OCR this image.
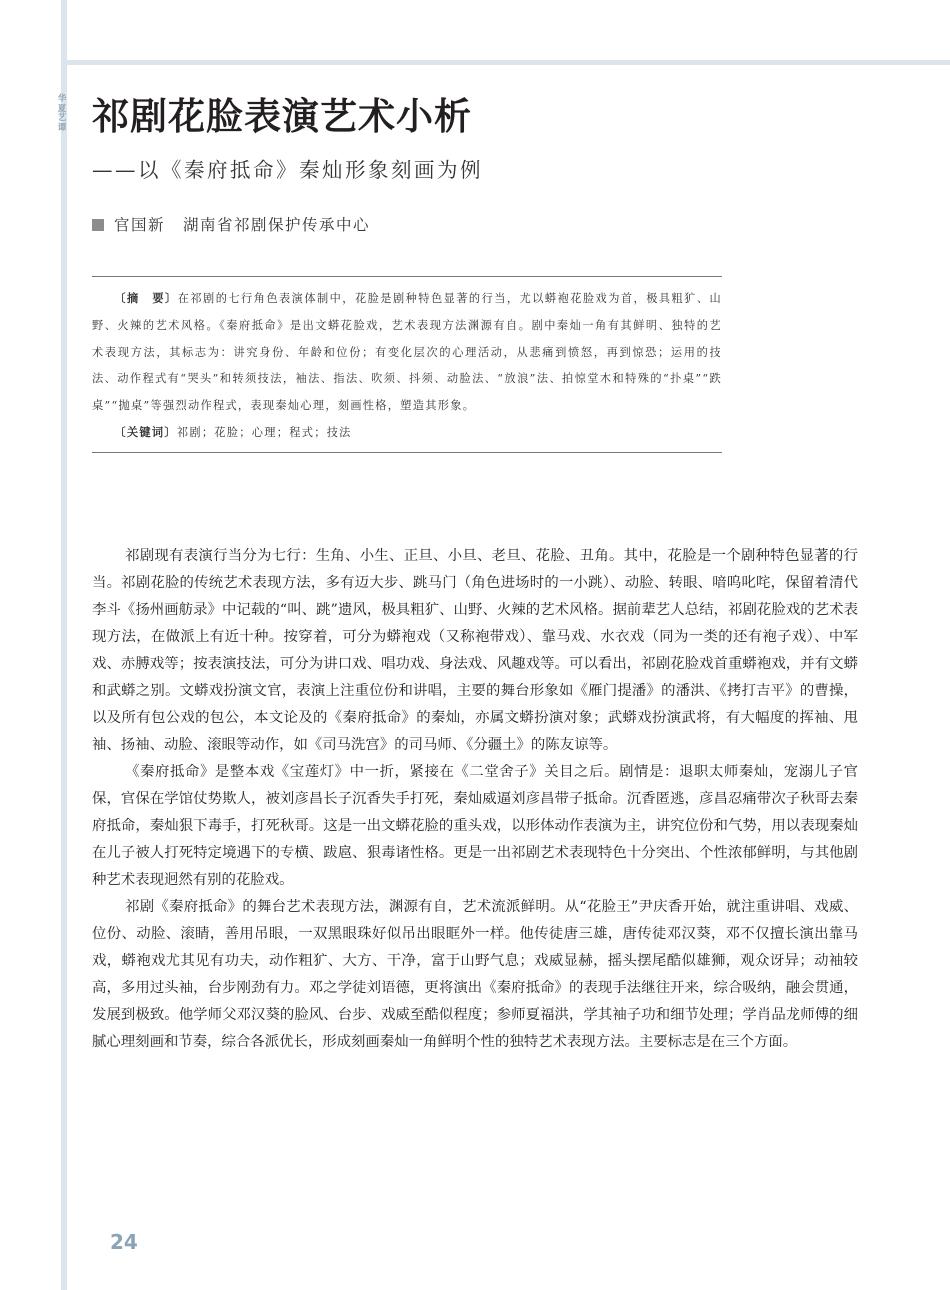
华夏艺谭 祁剧花脸表演艺术小析
——以《秦府抵命》秦灿形象刻画为例
官国新 湖南省祁剧保护传承中心

〔摘　要〕在祁剧的七行角色表演体制中，花脸是剧种特色显著的行当，尤以蟒袍花脸戏为首，极具粗犷、山野、火辣的艺术风格。《秦府抵命》是出文蟒花脸戏，艺术表现方法渊源有自。剧中秦灿一角有其鲜明、独特的艺术表现方法，其标志为：讲究身份、年龄和位份；有变化层次的心理活动，从悲痛到愤怒，再到惊恐；运用的技法、动作程式有“哭头”和转须技法，袖法、指法、吹须、抖须、动脸法、“放浪”法、拍惊堂木和特殊的“扑桌”“跌桌”“抛桌”等强烈动作程式，表现秦灿心理，刻画性格，塑造其形象。

〔关键词〕祁剧；花脸；心理；程式；技法

祁剧现有表演行当分为七行：生角、小生、正旦、小旦、老旦、花脸、丑角。其中，花脸是一个剧种特色显著的行当。祁剧花脸的传统艺术表现方法，多有迈大步、跳马门（角色进场时的一小跳）、动脸、转眼、喑呜叱咤，保留着清代李斗《扬州画舫录》中记载的“叫、跳”遗风，极具粗犷、山野、火辣的艺术风格。据前辈艺人总结，祁剧花脸戏的艺术表现方法，在做派上有近十种。按穿着，可分为蟒袍戏（又称袍带戏）、靠马戏、水衣戏（同为一类的还有袍子戏）、中军戏、赤膊戏等；按表演技法，可分为讲口戏、唱功戏、身法戏、风趣戏等。可以看出，祁剧花脸戏首重蟒袍戏，并有文蟒和武蟒之别。文蟒戏扮演文官，表演上注重位份和讲唱，主要的舞台形象如《雁门提潘》的潘洪、《拷打吉平》的曹操，以及所有包公戏的包公，本文论及的《秦府抵命》的秦灿，亦属文蟒扮演对象；武蟒戏扮演武将，有大幅度的挥袖、甩袖、扬袖、动脸、滚眼等动作，如《司马洗宫》的司马师、《分疆土》的陈友谅等。

《秦府抵命》是整本戏《宝莲灯》中一折，紧接在《二堂舍子》关目之后。剧情是：退职太师秦灿，宠溺儿子官保，官保在学馆仗势欺人，被刘彦昌长子沉香失手打死，秦灿威逼刘彦昌带子抵命。沉香匿逃，彦昌忍痛带次子秋哥去秦府抵命，秦灿狠下毒手，打死秋哥。这是一出文蟒花脸的重头戏，以形体动作表演为主，讲究位份和气势，用以表现秦灿在儿子被人打死特定境遇下的专横、跋扈、狠毒诸性格。更是一出祁剧艺术表现特色十分突出、个性浓郁鲜明，与其他剧种艺术表现迥然有别的花脸戏。

祁剧《秦府抵命》的舞台艺术表现方法，渊源有自，艺术流派鲜明。从“花脸王”尹庆香开始，就注重讲唱、戏威、位份、动脸、滚睛，善用吊眼，一双黑眼珠好似吊出眼眶外一样。他传徒唐三雄，唐传徒邓汉葵，邓不仅擅长演出靠马戏，蟒袍戏尤其见有功夫，动作粗犷、大方、干净，富于山野气息；戏威显赫，摇头摆尾酷似雄狮，观众讶异；动袖较高，多用过头袖，台步刚劲有力。邓之学徒刘语德，更将演出《秦府抵命》的表现手法继往开来，综合吸纳，融会贯通，发展到极致。他学师父邓汉葵的脸风、台步、戏威至酷似程度；参师夏福洪，学其袖子功和细节处理；学肖品龙师傅的细腻心理刻画和节奏，综合各派优长，形成刻画秦灿一角鲜明个性的独特艺术表现方法。主要标志是在三个方面。

24
